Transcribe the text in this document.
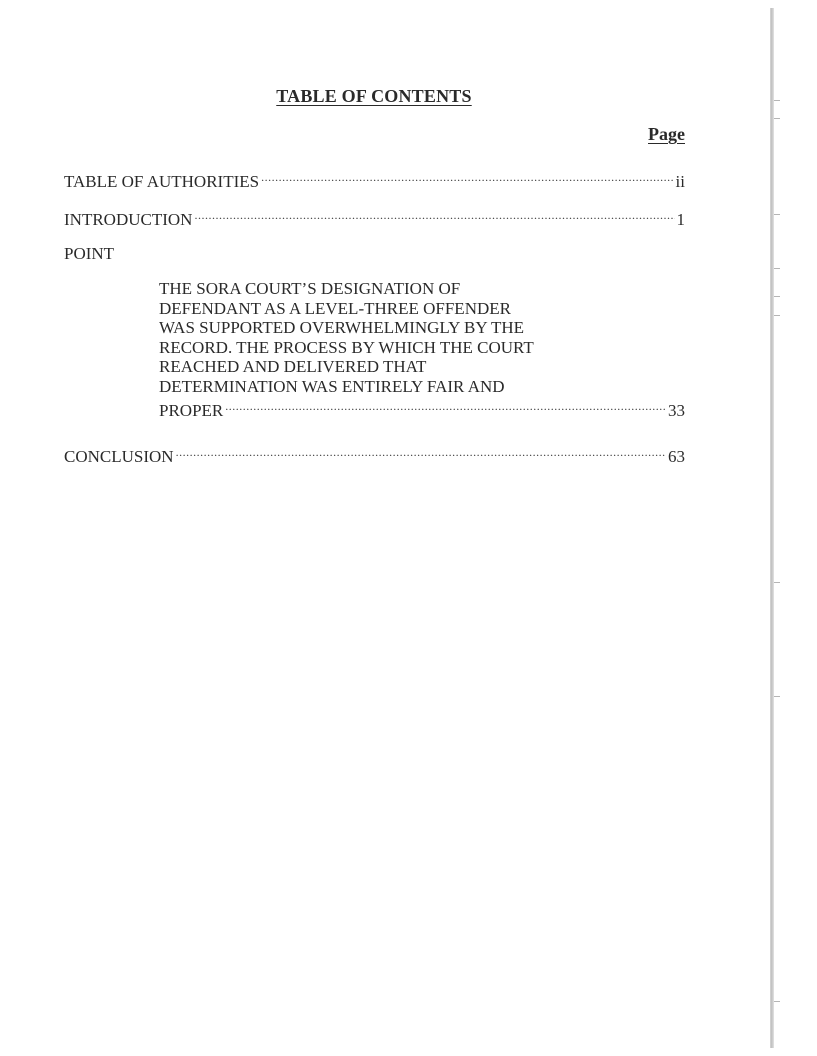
TABLE OF CONTENTS
Page
TABLE OF AUTHORITIES .....	ii
INTRODUCTION .....	1
POINT
THE SORA COURT’S DESIGNATION OF
DEFENDANT AS A LEVEL-THREE OFFENDER
WAS SUPPORTED OVERWHELMINGLY BY THE
RECORD. THE PROCESS BY WHICH THE COURT
REACHED AND DELIVERED THAT
DETERMINATION WAS ENTIRELY FAIR AND
PROPER .....	33
CONCLUSION .....	63
